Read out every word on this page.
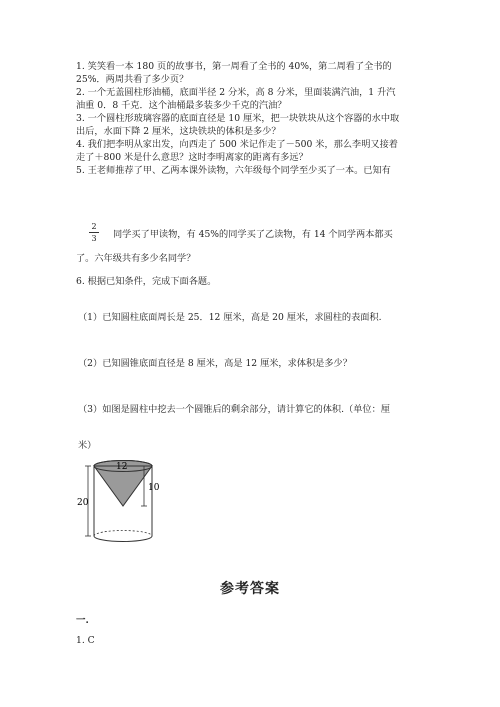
1. 笑笑看一本 180 页的故事书，第一周看了全书的 40%，第二周看了全书的
25%．两周共看了多少页？
2. 一个无盖圆柱形油桶，底面半径 2 分米，高 8 分米，里面装满汽油，1 升汽
油重 0．8 千克．这个油桶最多装多少千克的汽油？
3. 一个圆柱形玻璃容器的底面直径是 10 厘米，把一块铁块从这个容器的水中取
出后，水面下降 2 厘米，这块铁块的体积是多少？
4. 我们把李明从家出发，向西走了 500 米记作走了－500 米，那么李明又接着
走了＋800 米是什么意思？这时李明离家的距离有多远？
5. 王老师推荐了甲、乙两本课外读物，六年级每个同学至少买了一本。已知有
2
3 同学买了甲读物，有 45%的同学买了乙读物，有 14 个同学两本都买
了。六年级共有多少名同学？
6. 根据已知条件，完成下面各题。
（1）已知圆柱底面周长是 25．12 厘米，高是 20 厘米，求圆柱的表面积.
（2）已知圆锥底面直径是 8 厘米，高是 12 厘米，求体积是多少？
（3）如图是圆柱中挖去一个圆锥后的剩余部分，请计算它的体积.（单位：厘
米）
20
10
12
参考答案
一.
1. C
